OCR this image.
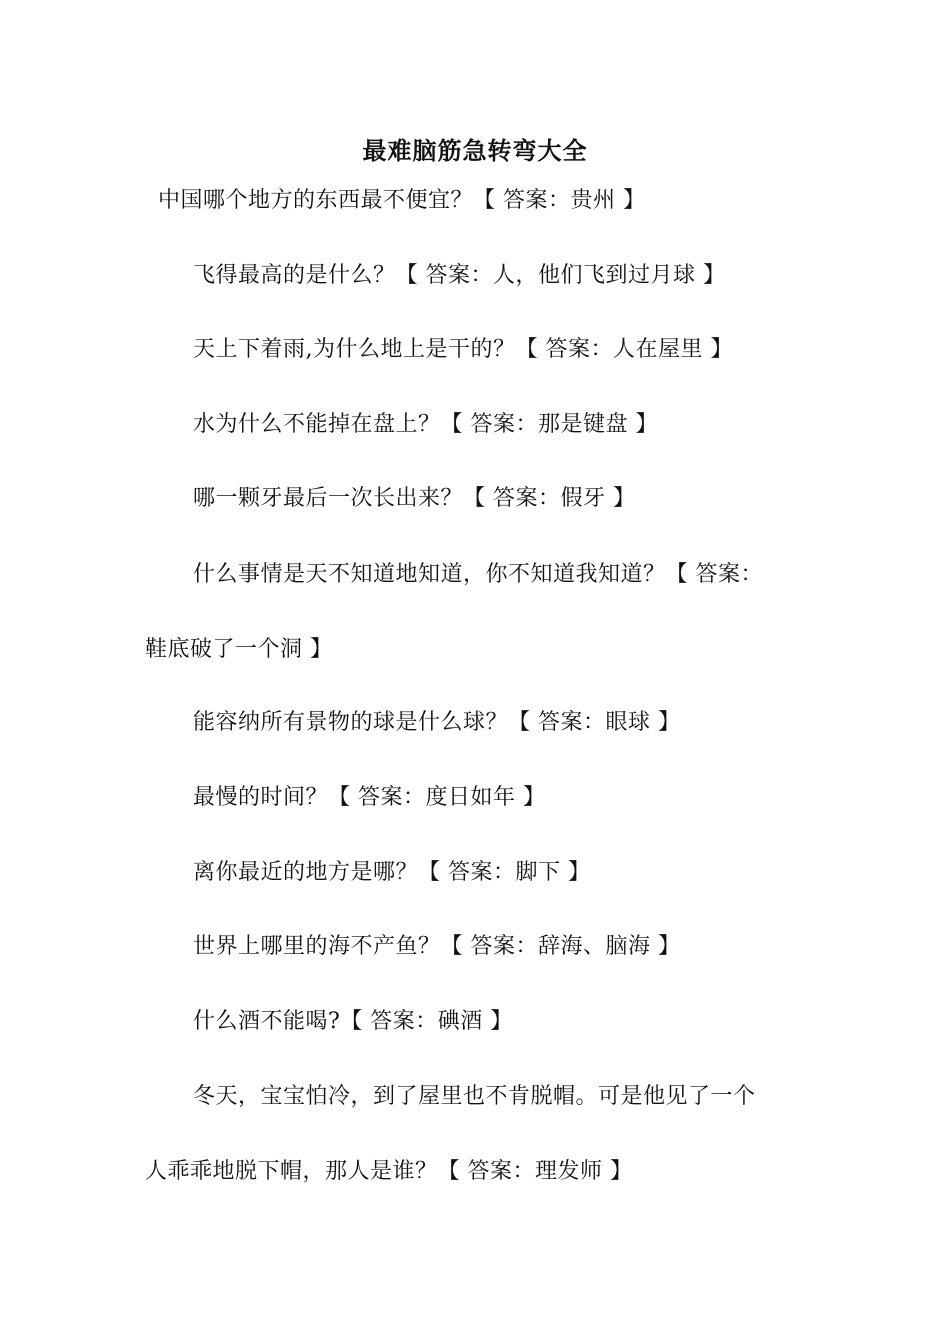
最难脑筋急转弯大全
中国哪个地方的东西最不便宜？【 答案：贵州 】
飞得最高的是什么？【 答案：人，他们飞到过月球 】
天上下着雨,为什么地上是干的？【 答案：人在屋里 】
水为什么不能掉在盘上？【 答案：那是键盘 】
哪一颗牙最后一次长出来？【 答案：假牙 】
什么事情是天不知道地知道，你不知道我知道？【 答案：
鞋底破了一个洞 】
能容纳所有景物的球是什么球？【 答案：眼球 】
最慢的时间？【 答案：度日如年 】
离你最近的地方是哪？【 答案：脚下 】
世界上哪里的海不产鱼？【 答案：辞海、脑海 】
什么酒不能喝?【 答案：碘酒 】
冬天，宝宝怕冷，到了屋里也不肯脱帽。可是他见了一个
人乖乖地脱下帽，那人是谁？【 答案：理发师 】
